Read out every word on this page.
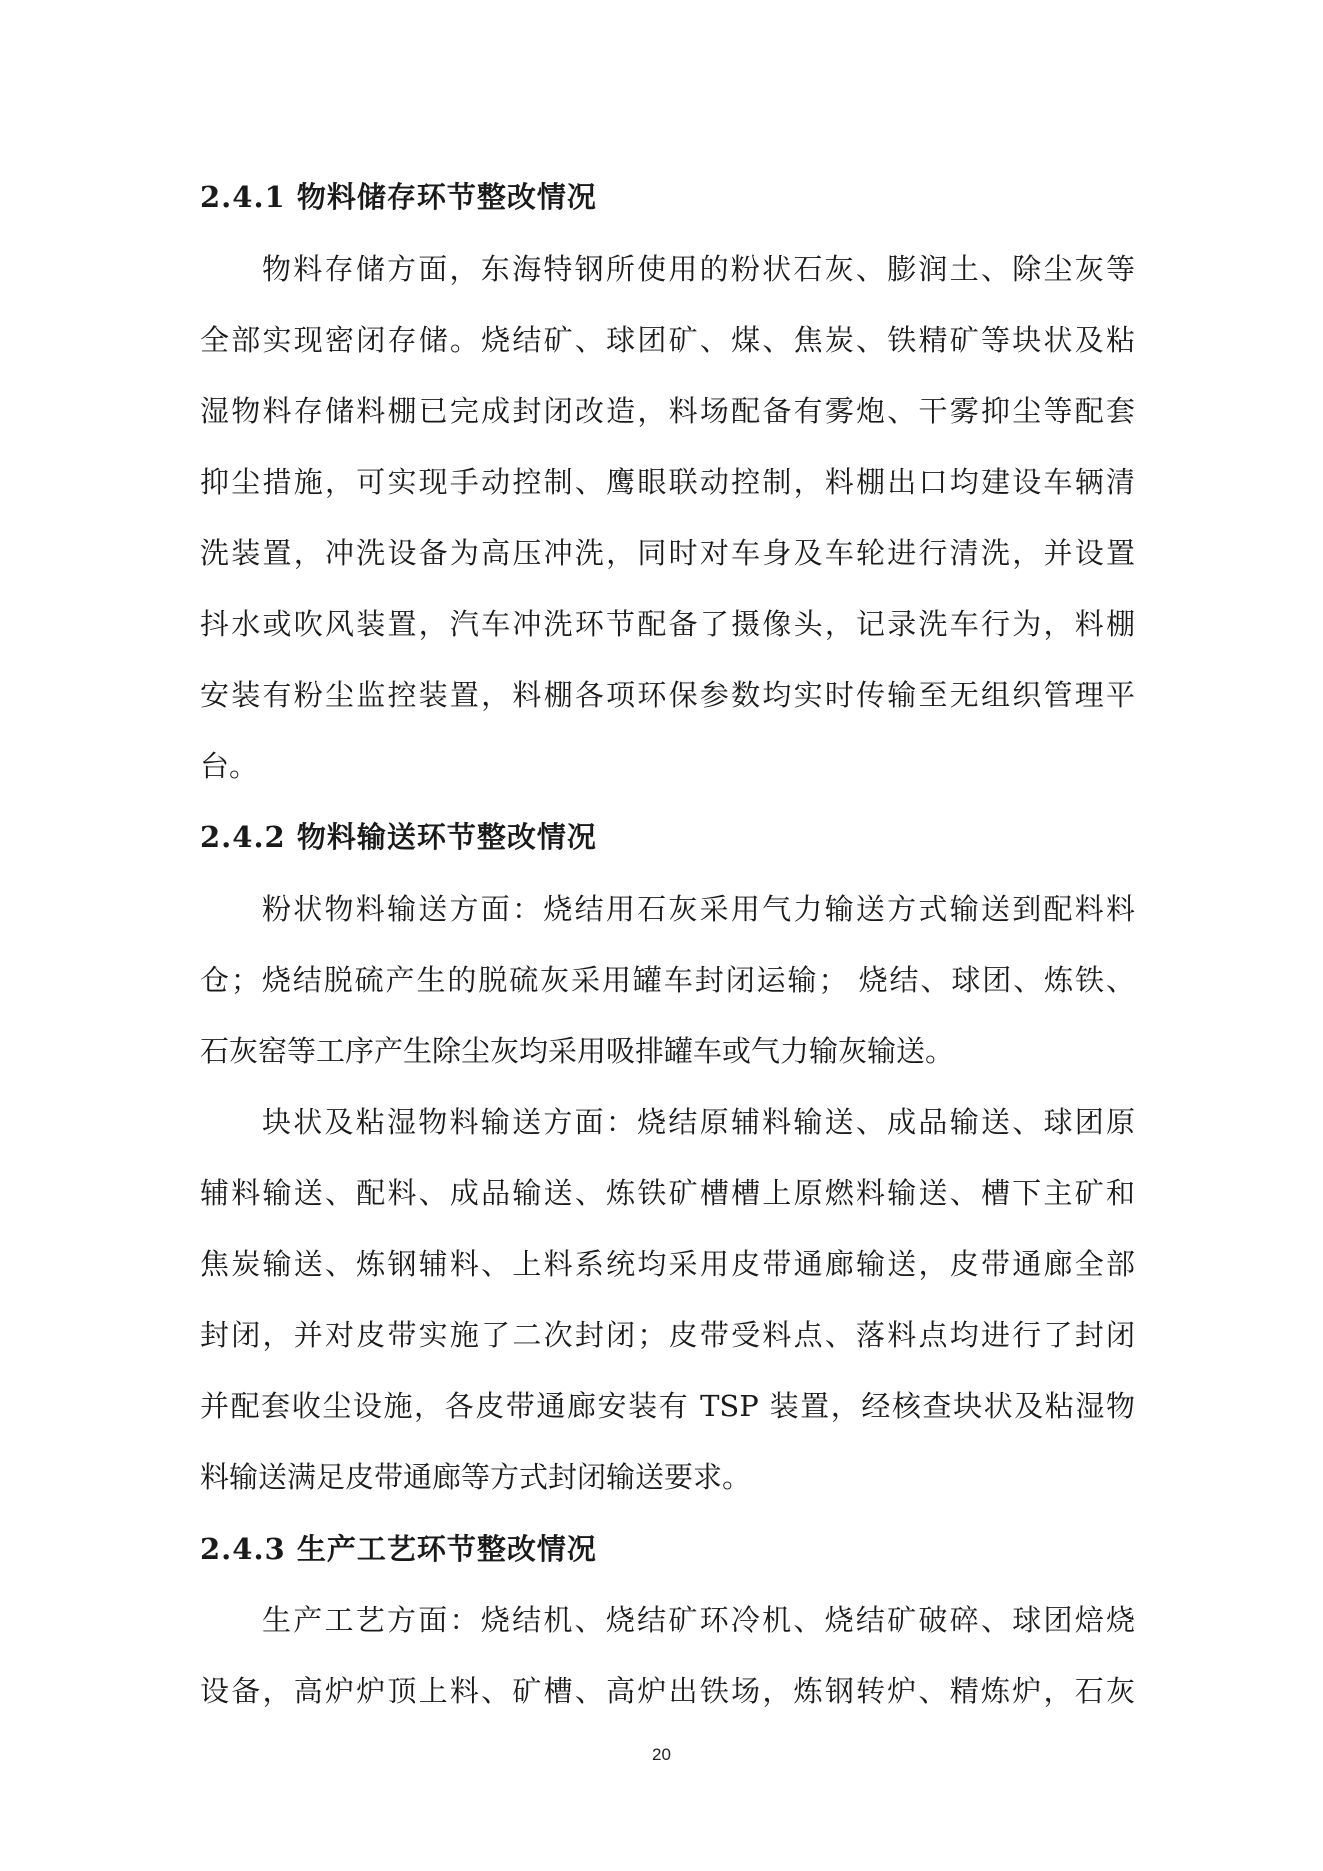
2.4.1 物料储存环节整改情况
物料存储方面，东海特钢所使用的粉状石灰、膨润土、除尘灰等
全部实现密闭存储。烧结矿、球团矿、煤、焦炭、铁精矿等块状及粘
湿物料存储料棚已完成封闭改造，料场配备有雾炮、干雾抑尘等配套
抑尘措施，可实现手动控制、鹰眼联动控制，料棚出口均建设车辆清
洗装置，冲洗设备为高压冲洗，同时对车身及车轮进行清洗，并设置
抖水或吹风装置，汽车冲洗环节配备了摄像头，记录洗车行为，料棚
安装有粉尘监控装置，料棚各项环保参数均实时传输至无组织管理平
台。
2.4.2 物料输送环节整改情况
粉状物料输送方面：烧结用石灰采用气力输送方式输送到配料料
仓；烧结脱硫产生的脱硫灰采用罐车封闭运输； 烧结、球团、炼铁、
石灰窑等工序产生除尘灰均采用吸排罐车或气力输灰输送。
块状及粘湿物料输送方面：烧结原辅料输送、成品输送、球团原
辅料输送、配料、成品输送、炼铁矿槽槽上原燃料输送、槽下主矿和
焦炭输送、炼钢辅料、上料系统均采用皮带通廊输送，皮带通廊全部
封闭，并对皮带实施了二次封闭；皮带受料点、落料点均进行了封闭
并配套收尘设施，各皮带通廊安装有 TSP 装置，经核查块状及粘湿物
料输送满足皮带通廊等方式封闭输送要求。
2.4.3 生产工艺环节整改情况
生产工艺方面：烧结机、烧结矿环冷机、烧结矿破碎、球团焙烧
设备，高炉炉顶上料、矿槽、高炉出铁场，炼钢转炉、精炼炉，石灰
20
